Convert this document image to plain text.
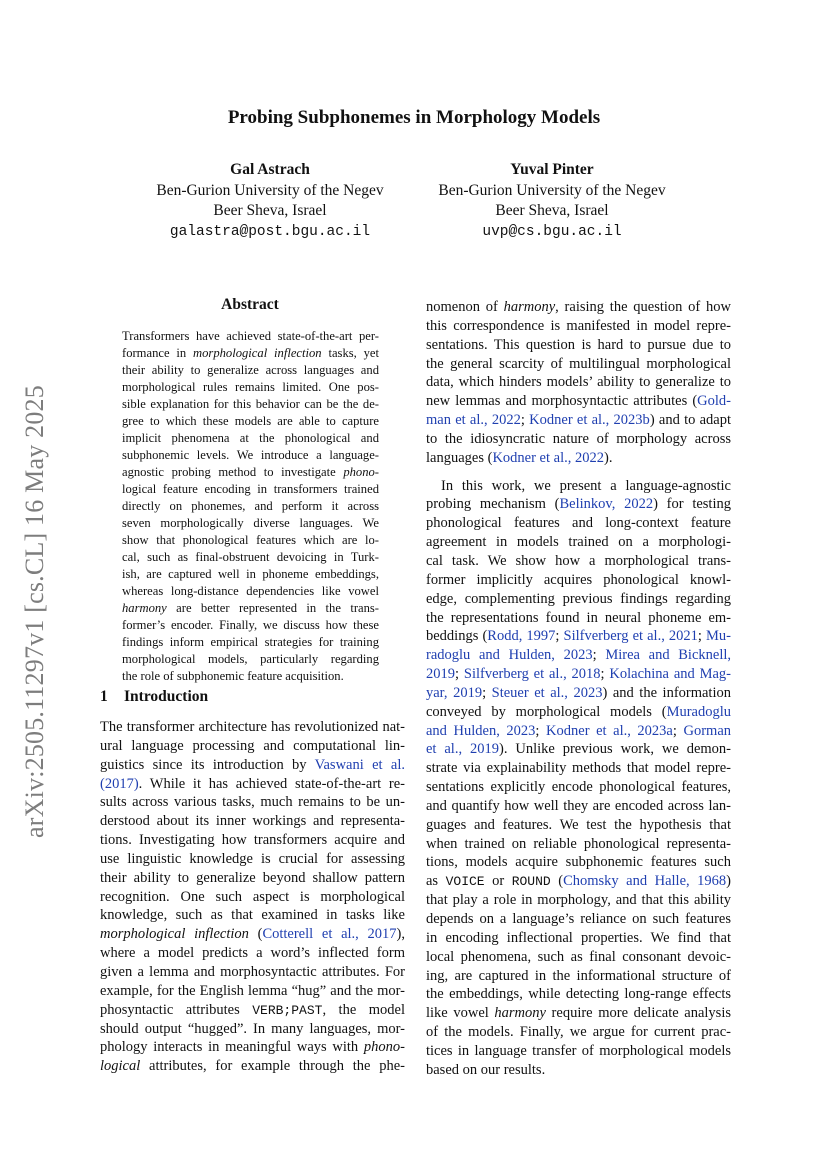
arXiv:2505.11297v1 [cs.CL] 16 May 2025
Probing Subphonemes in Morphology Models
Gal Astrach
Ben-Gurion University of the Negev
Beer Sheva, Israel
galastra@post.bgu.ac.il
Yuval Pinter
Ben-Gurion University of the Negev
Beer Sheva, Israel
uvp@cs.bgu.ac.il
Abstract
Transformers have achieved state-of-the-art per-
formance in morphological inflection tasks, yet
their ability to generalize across languages and
morphological rules remains limited. One pos-
sible explanation for this behavior can be the de-
gree to which these models are able to capture
implicit phenomena at the phonological and
subphonemic levels. We introduce a language-
agnostic probing method to investigate phono-
logical feature encoding in transformers trained
directly on phonemes, and perform it across
seven morphologically diverse languages. We
show that phonological features which are lo-
cal, such as final-obstruent devoicing in Turk-
ish, are captured well in phoneme embeddings,
whereas long-distance dependencies like vowel
harmony are better represented in the trans-
former’s encoder. Finally, we discuss how these
findings inform empirical strategies for training
morphological models, particularly regarding
the role of subphonemic feature acquisition.
1 Introduction
The transformer architecture has revolutionized nat-
ural language processing and computational lin-
guistics since its introduction by Vaswani et al.
(2017). While it has achieved state-of-the-art re-
sults across various tasks, much remains to be un-
derstood about its inner workings and representa-
tions. Investigating how transformers acquire and
use linguistic knowledge is crucial for assessing
their ability to generalize beyond shallow pattern
recognition. One such aspect is morphological
knowledge, such as that examined in tasks like
morphological inflection (Cotterell et al., 2017),
where a model predicts a word’s inflected form
given a lemma and morphosyntactic attributes. For
example, for the English lemma “hug” and the mor-
phosyntactic attributes VERB;PAST, the model
should output “hugged”. In many languages, mor-
phology interacts in meaningful ways with phono-
logical attributes, for example through the phe-
nomenon of harmony, raising the question of how
this correspondence is manifested in model repre-
sentations. This question is hard to pursue due to
the general scarcity of multilingual morphological
data, which hinders models’ ability to generalize to
new lemmas and morphosyntactic attributes (Gold-
man et al., 2022; Kodner et al., 2023b) and to adapt
to the idiosyncratic nature of morphology across
languages (Kodner et al., 2022).
In this work, we present a language-agnostic
probing mechanism (Belinkov, 2022) for testing
phonological features and long-context feature
agreement in models trained on a morphologi-
cal task. We show how a morphological trans-
former implicitly acquires phonological knowl-
edge, complementing previous findings regarding
the representations found in neural phoneme em-
beddings (Rodd, 1997; Silfverberg et al., 2021; Mu-
radoglu and Hulden, 2023; Mirea and Bicknell,
2019; Silfverberg et al., 2018; Kolachina and Mag-
yar, 2019; Steuer et al., 2023) and the information
conveyed by morphological models (Muradoglu
and Hulden, 2023; Kodner et al., 2023a; Gorman
et al., 2019). Unlike previous work, we demon-
strate via explainability methods that model repre-
sentations explicitly encode phonological features,
and quantify how well they are encoded across lan-
guages and features. We test the hypothesis that
when trained on reliable phonological representa-
tions, models acquire subphonemic features such
as VOICE or ROUND (Chomsky and Halle, 1968)
that play a role in morphology, and that this ability
depends on a language’s reliance on such features
in encoding inflectional properties. We find that
local phenomena, such as final consonant devoic-
ing, are captured in the informational structure of
the embeddings, while detecting long-range effects
like vowel harmony require more delicate analysis
of the models. Finally, we argue for current prac-
tices in language transfer of morphological models
based on our results.
